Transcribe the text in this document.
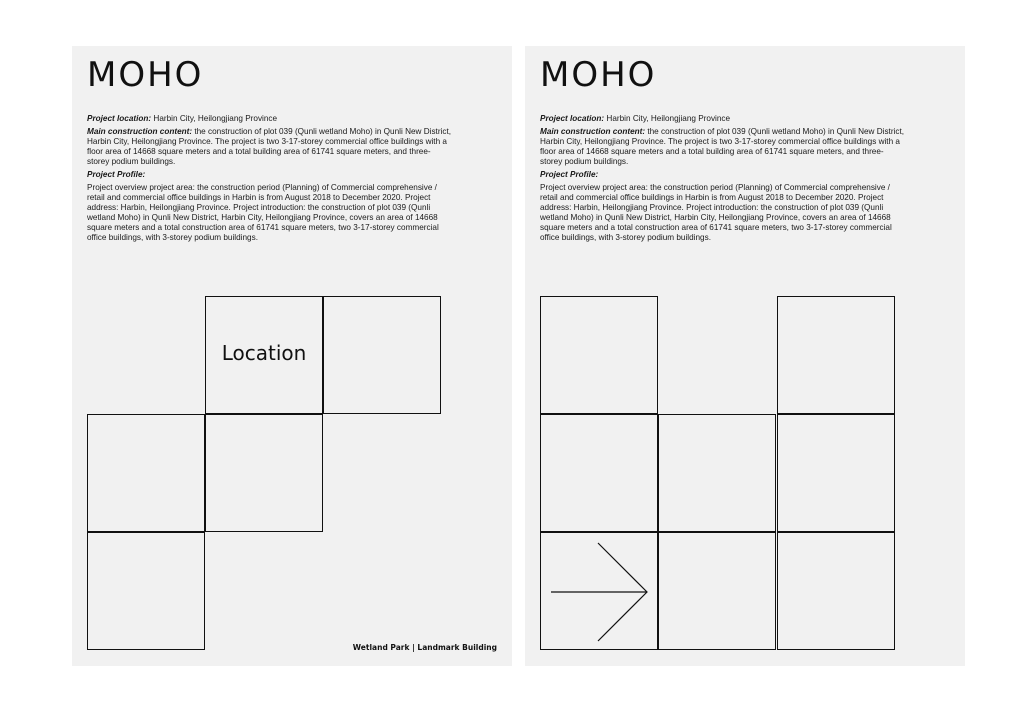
MOHO

Project location: Harbin City, Heilongjiang Province

Main construction content: the construction of plot 039 (Qunli wetland Moho) in Qunli New District, Harbin City, Heilongjiang Province. The project is two 3-17-storey commercial office buildings with a floor area of 14668 square meters and a total building area of 61741 square meters, and three-storey podium buildings.

Project Profile:

Project overview project area: the construction period (Planning) of Commercial comprehensive / retail and commercial office buildings in Harbin is from August 2018 to December 2020. Project address: Harbin, Heilongjiang Province. Project introduction: the construction of plot 039 (Qunli wetland Moho) in Qunli New District, Harbin City, Heilongjiang Province, covers an area of 14668 square meters and a total construction area of 61741 square meters, two 3-17-storey commercial office buildings, with 3-storey podium buildings.

Location
Wetland Park | Landmark Building
MOHO

Project location: Harbin City, Heilongjiang Province

Main construction content: the construction of plot 039 (Qunli wetland Moho) in Qunli New District, Harbin City, Heilongjiang Province. The project is two 3-17-storey commercial office buildings with a floor area of 14668 square meters and a total building area of 61741 square meters, and three-storey podium buildings.

Project Profile:

Project overview project area: the construction period (Planning) of Commercial comprehensive / retail and commercial office buildings in Harbin is from August 2018 to December 2020. Project address: Harbin, Heilongjiang Province. Project introduction: the construction of plot 039 (Qunli wetland Moho) in Qunli New District, Harbin City, Heilongjiang Province, covers an area of 14668 square meters and a total construction area of 61741 square meters, two 3-17-storey commercial office buildings, with 3-storey podium buildings.
